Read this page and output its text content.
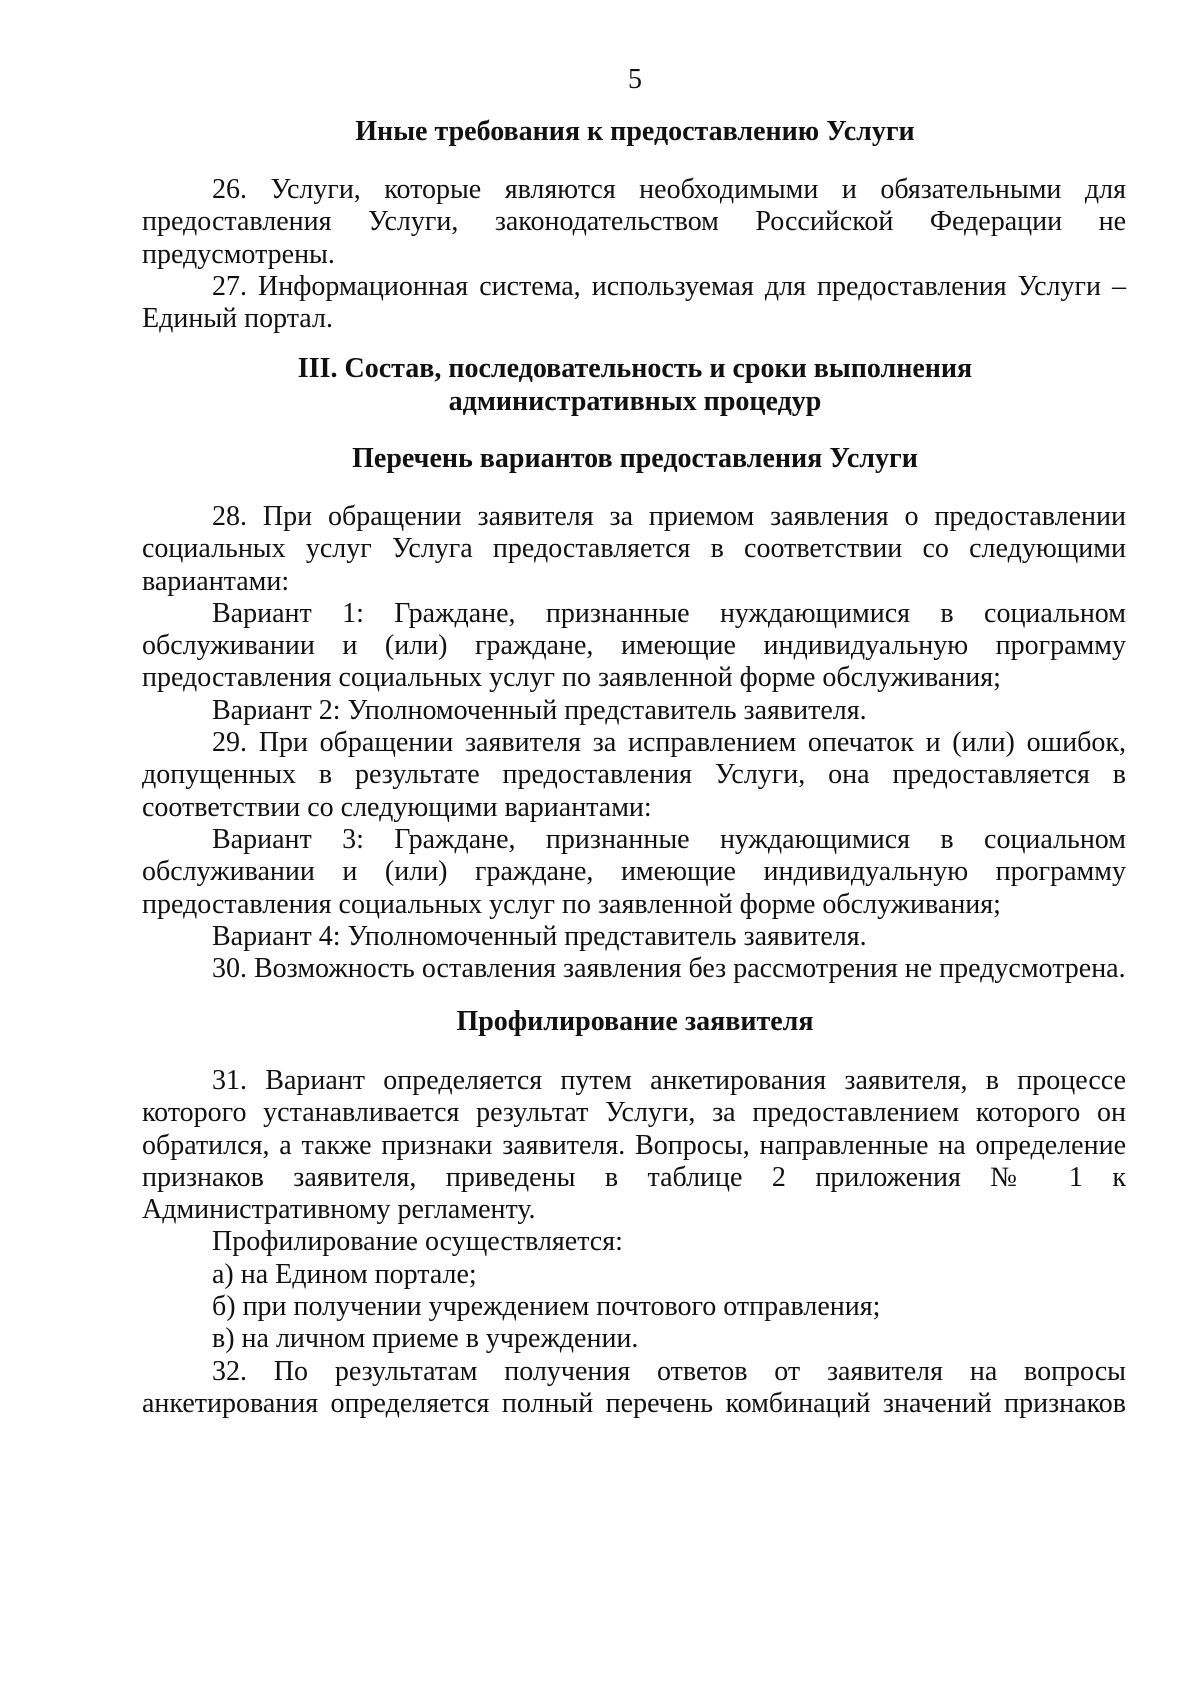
5
Иные требования к предоставлению Услуги

26. Услуги, которые являются необходимыми и обязательными для предоставления Услуги, законодательством Российской Федерации не предусмотрены.

27. Информационная система, используемая для предоставления Услуги – Единый портал.

III. Состав, последовательность и сроки выполнения
административных процедур
Перечень вариантов предоставления Услуги

28. При обращении заявителя за приемом заявления о предоставлении социальных услуг Услуга предоставляется в соответствии со следующими вариантами:

Вариант 1: Граждане, признанные нуждающимися в социальном обслуживании и (или) граждане, имеющие индивидуальную программу предоставления социальных услуг по заявленной форме обслуживания;

Вариант 2: Уполномоченный представитель заявителя.

29. При обращении заявителя за исправлением опечаток и (или) ошибок, допущенных в результате предоставления Услуги, она предоставляется в соответствии со следующими вариантами:

Вариант 3: Граждане, признанные нуждающимися в социальном обслуживании и (или) граждане, имеющие индивидуальную программу предоставления социальных услуг по заявленной форме обслуживания;

Вариант 4: Уполномоченный представитель заявителя.

30. Возможность оставления заявления без рассмотрения не предусмотрена.

Профилирование заявителя

31. Вариант определяется путем анкетирования заявителя, в процессе которого устанавливается результат Услуги, за предоставлением которого он обратился, а также признаки заявителя. Вопросы, направленные на определение признаков заявителя, приведены в таблице 2 приложения № 1 к Административному регламенту.

Профилирование осуществляется:

а) на Едином портале;

б) при получении учреждением почтового отправления;

в) на личном приеме в учреждении.

32. По результатам получения ответов от заявителя на вопросы анкетирования определяется полный перечень комбинаций значений признаков
